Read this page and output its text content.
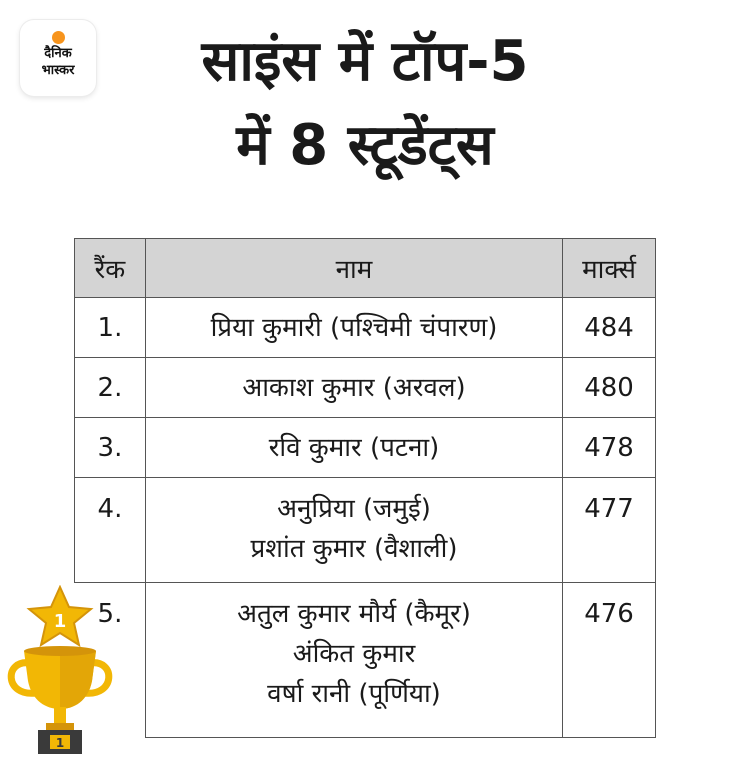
दैनिक
भास्कर	साइंस में टॉप-5
में 8 स्टूडेंट्स
रैंक	नाम	मार्क्स

1.	प्रिया कुमारी (पश्चिमी चंपारण)	484

2.	आकाश कुमार (अरवल)	480

3.	रवि कुमार (पटना)	478

4.	अनुप्रिया (जमुई)
प्रशांत कुमार (वैशाली)	477

5.	अतुल कुमार मौर्य (कैमूर)
अंकित कुमार
वर्षा रानी (पूर्णिया)	476
1
1
